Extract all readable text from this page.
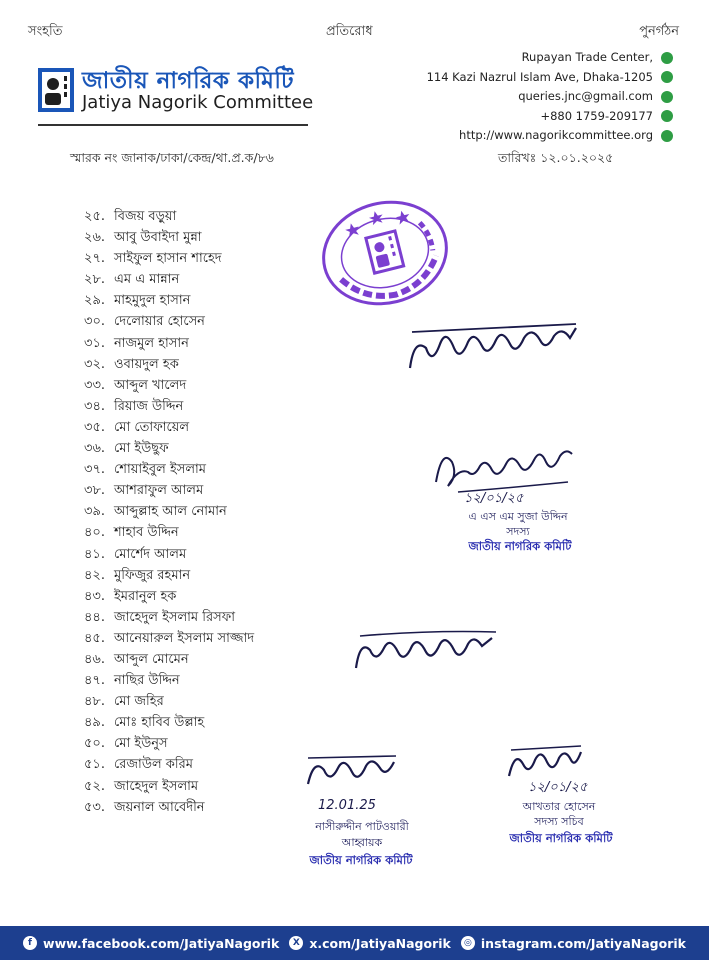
সংহতি	প্রতিরোধ	পুনর্গঠন
জাতীয় নাগরিক কমিটি
Jatiya Nagorik Committee
Rupayan Trade Center,
114 Kazi Nazrul Islam Ave, Dhaka-1205
queries.jnc@gmail.com
+880 1759-209177
http://www.nagorikcommittee.org
স্মারক নং জানাক/ঢাকা/কেন্দ্র/থা.প্র.ক/৮৬	তারিখঃ ১২.০১.২০২৫
২৫. বিজয় বড়ুয়া
২৬. আবু উবাইদা মুন্না
২৭. সাইফুল হাসান শাহেদ
২৮. এম এ মান্নান
২৯. মাহমুদুল হাসান
৩০. দেলোয়ার হোসেন
৩১. নাজমুল হাসান
৩২. ওবায়দুল হক
৩৩. আব্দুল খালেদ
৩৪. রিয়াজ উদ্দিন
৩৫. মো তোফায়েল
৩৬. মো ইউছুফ
৩৭. শোয়াইবুল ইসলাম
৩৮. আশরাফুল আলম
৩৯. আব্দুল্লাহ আল নোমান
৪০. শাহাব উদ্দিন
৪১. মোর্শেদ আলম
৪২. মুফিজুর রহমান
৪৩. ইমরানুল হক
৪৪. জাহেদুল ইসলাম রিসফা
৪৫. আনেয়ারুল ইসলাম সাজ্জাদ
৪৬. আব্দুল মোমেন
৪৭. নাছির উদ্দিন
৪৮. মো জহির
৪৯. মোঃ হাবিব উল্লাহ
৫০. মো ইউনুস
৫১. রেজাউল করিম
৫২. জাহেদুল ইসলাম
৫৩. জয়নাল আবেদীন
১২/০১/২৫
এ এস এম সুজা উদ্দিন
সদস্য
জাতীয় নাগরিক কমিটি
12.01.25
নাসীরুদ্দীন পাটওয়ারী
আহ্বায়ক
জাতীয় নাগরিক কমিটি
১২/০১/২৫
আখতার হোসেন
সদস্য সচিব
জাতীয় নাগরিক কমিটি
f www.facebook.com/JatiyaNagorik	X x.com/JatiyaNagorik	◎ instagram.com/JatiyaNagorik
